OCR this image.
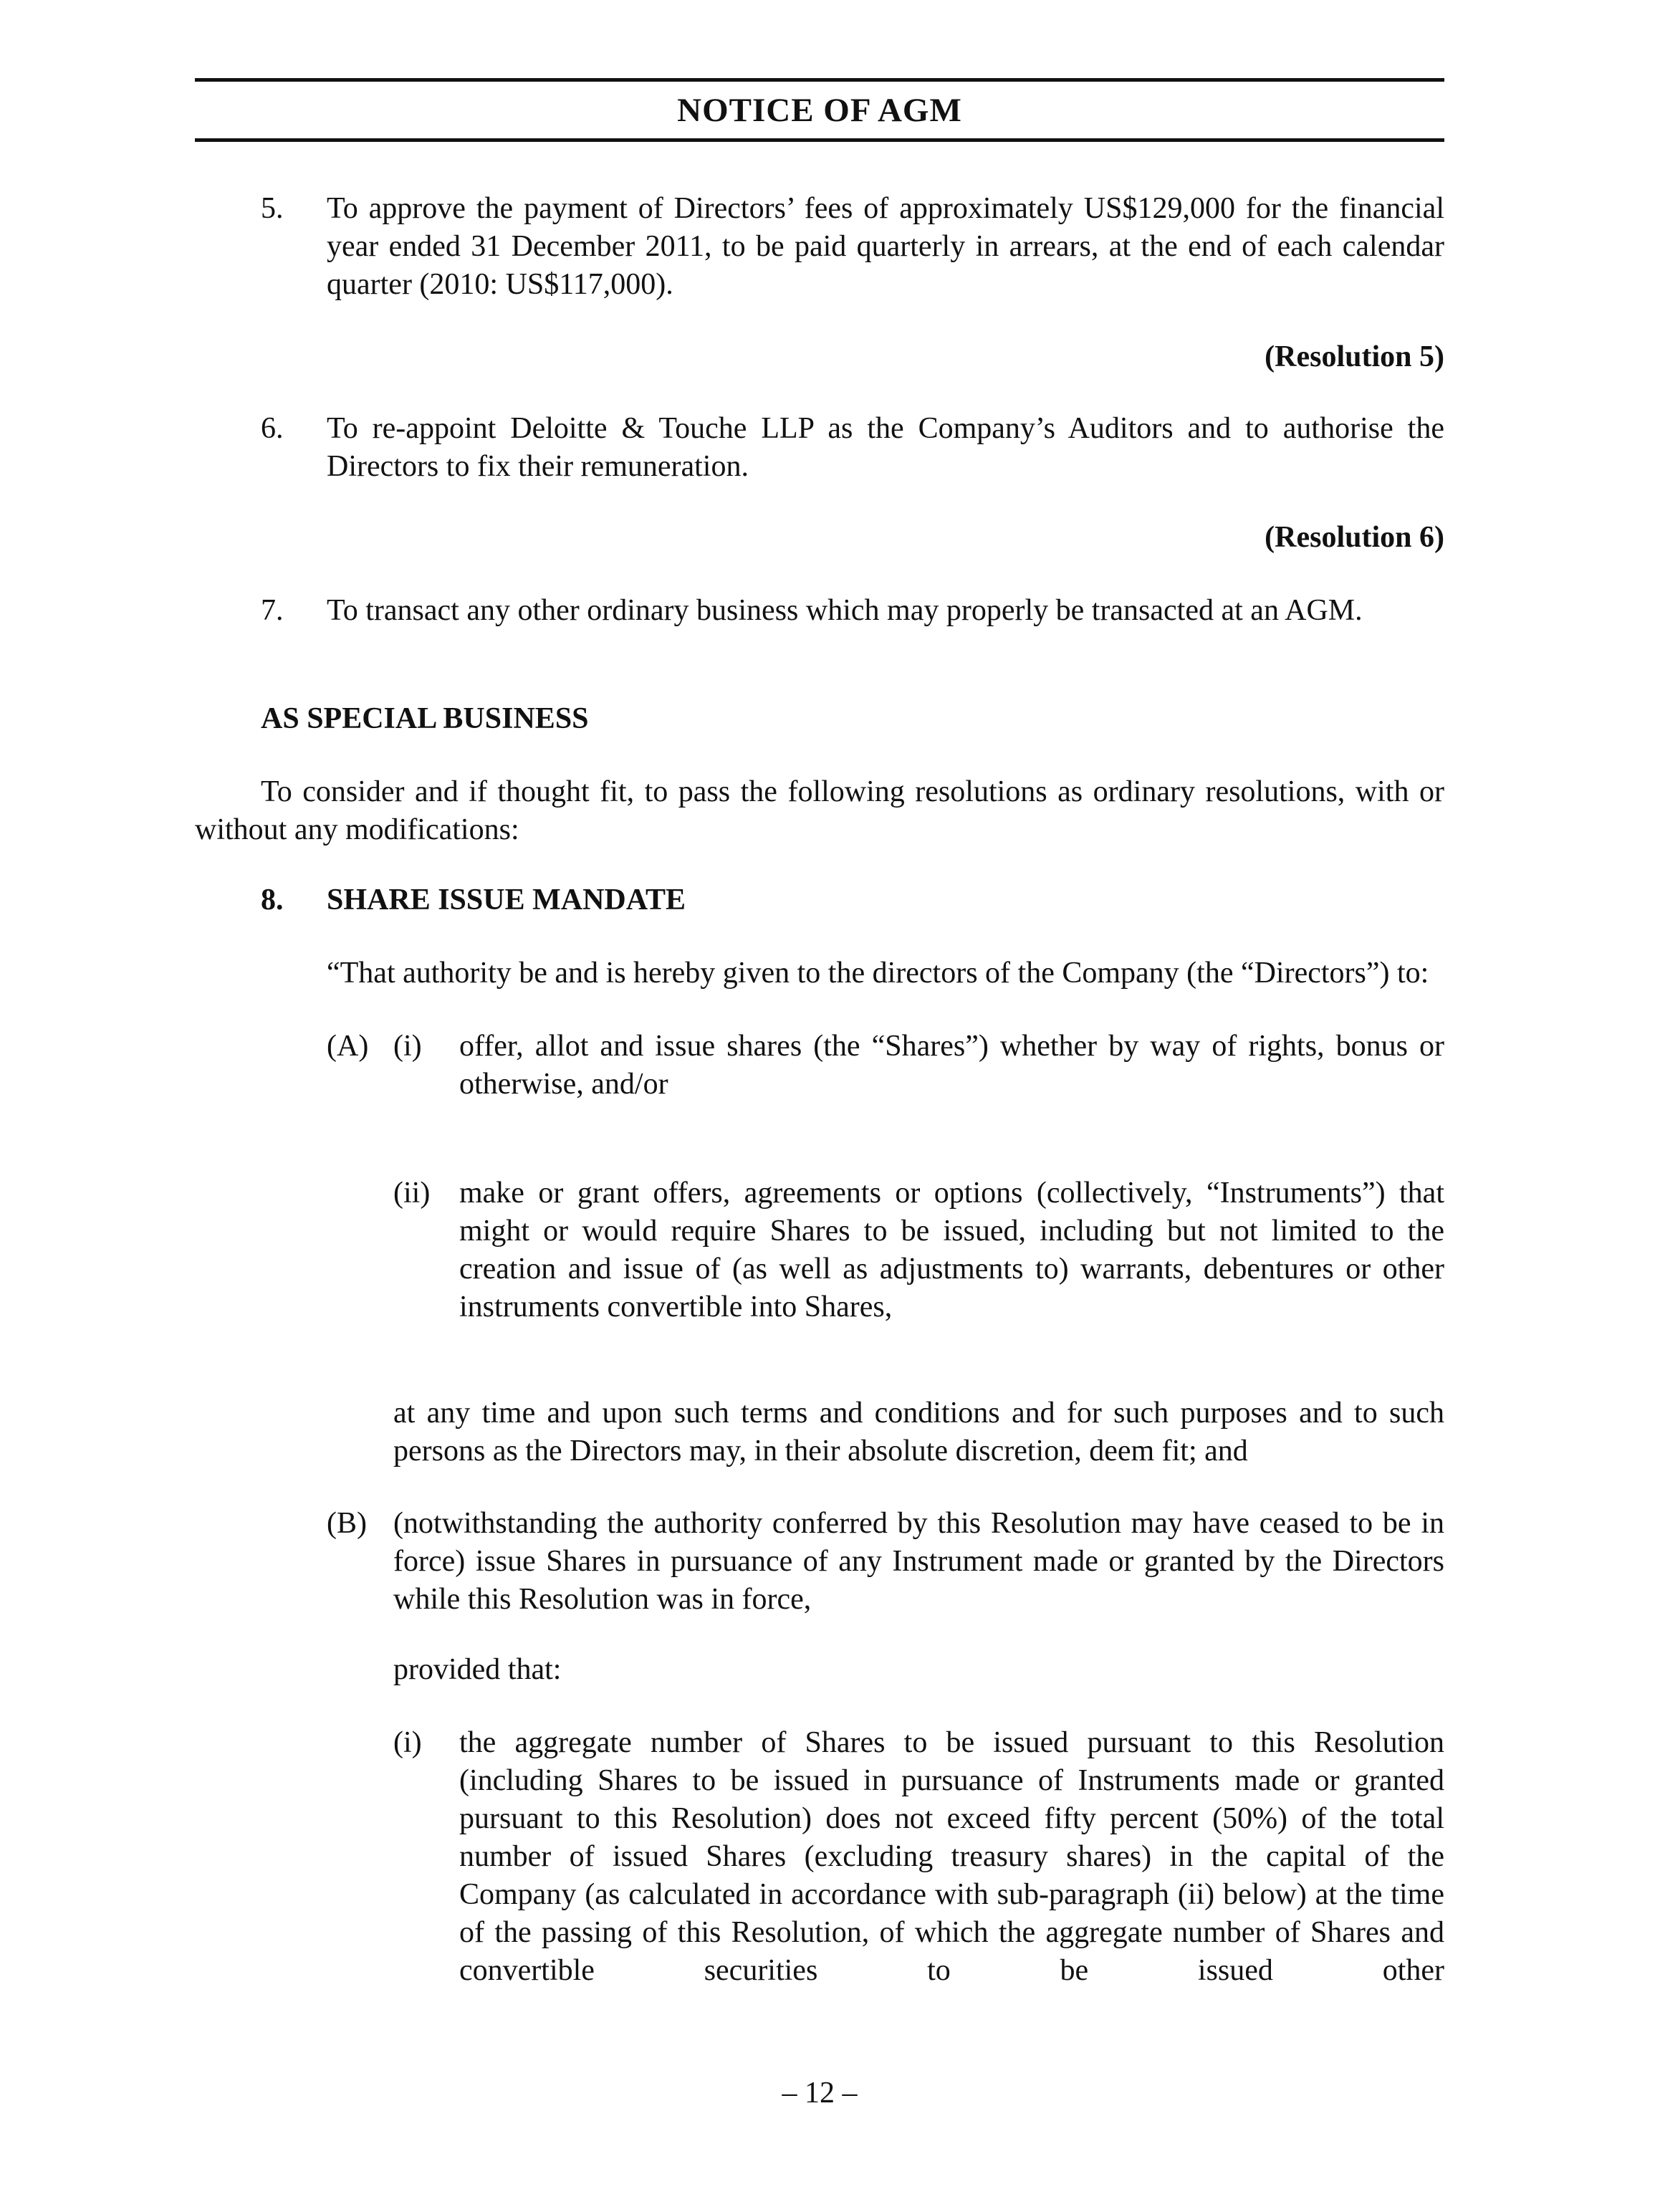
NOTICE OF AGM
5. To approve the payment of Directors’ fees of approximately US$129,000 for the financial year ended 31 December 2011, to be paid quarterly in arrears, at the end of each calendar quarter (2010: US$117,000).
(Resolution 5)
6. To re-appoint Deloitte & Touche LLP as the Company’s Auditors and to authorise the Directors to fix their remuneration.
(Resolution 6)
7. To transact any other ordinary business which may properly be transacted at an AGM.
AS SPECIAL BUSINESS
To consider and if thought fit, to pass the following resolutions as ordinary resolutions, with or without any modifications:
8. SHARE ISSUE MANDATE
“That authority be and is hereby given to the directors of the Company (the “Directors”) to:
(A) (i) offer, allot and issue shares (the “Shares”) whether by way of rights, bonus or otherwise, and/or
(ii) make or grant offers, agreements or options (collectively, “Instruments”) that might or would require Shares to be issued, including but not limited to the creation and issue of (as well as adjustments to) warrants, debentures or other instruments convertible into Shares,
at any time and upon such terms and conditions and for such purposes and to such persons as the Directors may, in their absolute discretion, deem fit; and
(B) (notwithstanding the authority conferred by this Resolution may have ceased to be in force) issue Shares in pursuance of any Instrument made or granted by the Directors while this Resolution was in force,
provided that:
(i) the aggregate number of Shares to be issued pursuant to this Resolution (including Shares to be issued in pursuance of Instruments made or granted pursuant to this Resolution) does not exceed fifty percent (50%) of the total number of issued Shares (excluding treasury shares) in the capital of the Company (as calculated in accordance with sub-paragraph (ii) below) at the time of the passing of this Resolution, of which the aggregate number of Shares and convertible securities to be issued other
– 12 –
